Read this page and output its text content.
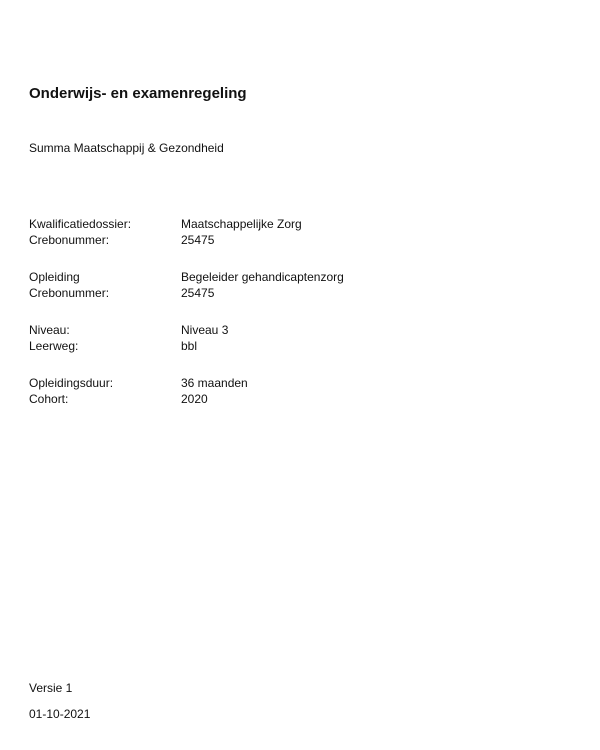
Onderwijs- en examenregeling
Summa Maatschappij & Gezondheid
Kwalificatiedossier:	Maatschappelijke Zorg
Crebonummer:	25475
Opleiding	Begeleider gehandicaptenzorg
Crebonummer:	25475
Niveau:	Niveau 3
Leerweg:	bbl
Opleidingsduur:	36 maanden
Cohort:	2020
Versie 1
01-10-2021
